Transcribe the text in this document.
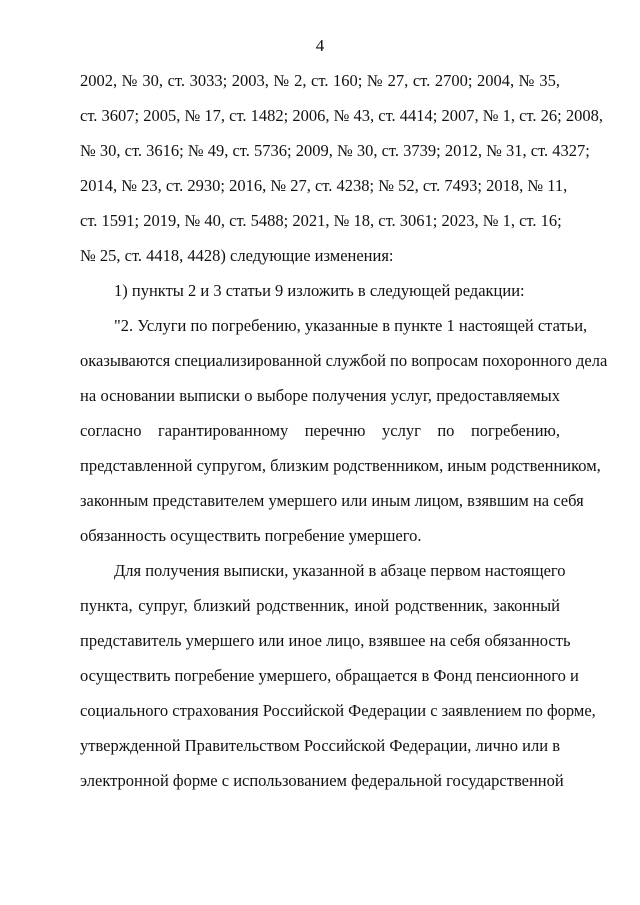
4
2002, № 30, ст. 3033; 2003, № 2, ст. 160; № 27, ст. 2700; 2004, № 35,
ст. 3607; 2005, № 17, ст. 1482; 2006, № 43, ст. 4414; 2007, № 1, ст. 26; 2008,
№ 30, ст. 3616; № 49, ст. 5736; 2009, № 30, ст. 3739; 2012, № 31, ст. 4327;
2014, № 23, ст. 2930; 2016, № 27, ст. 4238; № 52, ст. 7493; 2018, № 11,
ст. 1591; 2019, № 40, ст. 5488; 2021, № 18, ст. 3061; 2023, № 1, ст. 16;
№ 25, ст. 4418, 4428) следующие изменения:
1) пункты 2 и 3 статьи 9 изложить в следующей редакции:
"2. Услуги по погребению, указанные в пункте 1 настоящей статьи,
оказываются специализированной службой по вопросам похоронного дела
на основании выписки о выборе получения услуг, предоставляемых
согласно гарантированному перечню услуг по погребению,
представленной супругом, близким родственником, иным родственником,
законным представителем умершего или иным лицом, взявшим на себя
обязанность осуществить погребение умершего.
Для получения выписки, указанной в абзаце первом настоящего
пункта, супруг, близкий родственник, иной родственник, законный
представитель умершего или иное лицо, взявшее на себя обязанность
осуществить погребение умершего, обращается в Фонд пенсионного и
социального страхования Российской Федерации с заявлением по форме,
утвержденной Правительством Российской Федерации, лично или в
электронной форме с использованием федеральной государственной
